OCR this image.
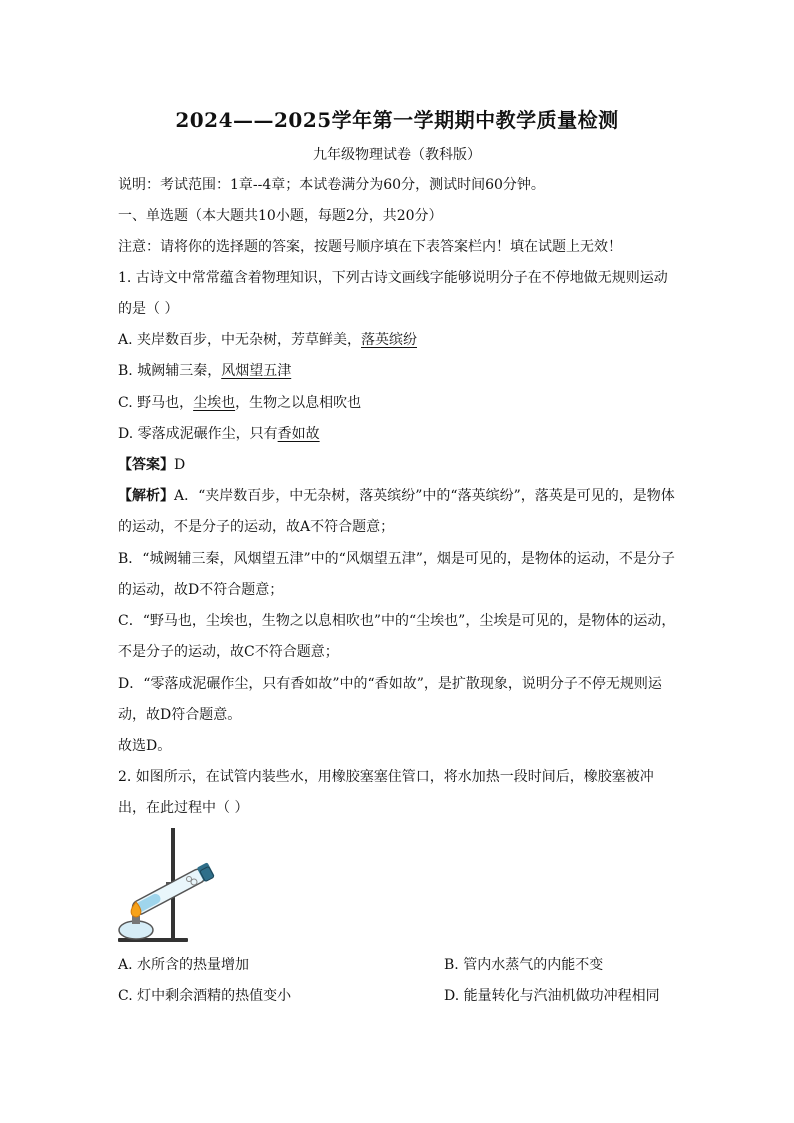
2024——2025学年第一学期期中教学质量检测
九年级物理试卷（教科版）
说明：考试范围：1章--4章；本试卷满分为60分，测试时间60分钟。
一、单选题（本大题共10小题，每题2分，共20分）
注意：请将你的选择题的答案，按题号顺序填在下表答案栏内！填在试题上无效！
1. 古诗文中常常蕴含着物理知识，下列古诗文画线字能够说明分子在不停地做无规则运动
的是（ ）
A. 夹岸数百步，中无杂树，芳草鲜美，落英缤纷
B. 城阙辅三秦，风烟望五津
C. 野马也，尘埃也，生物之以息相吹也
D. 零落成泥碾作尘，只有香如故
【答案】D
【解析】A．“夹岸数百步，中无杂树，落英缤纷”中的“落英缤纷”，落英是可见的，是物体
的运动，不是分子的运动，故A不符合题意；
B．“城阙辅三秦，风烟望五津”中的“风烟望五津”，烟是可见的，是物体的运动，不是分子
的运动，故D不符合题意；
C．“野马也，尘埃也，生物之以息相吹也”中的“尘埃也”，尘埃是可见的，是物体的运动，
不是分子的运动，故C不符合题意；
D．“零落成泥碾作尘，只有香如故”中的“香如故”，是扩散现象，说明分子不停无规则运
动，故D符合题意。
故选D。
2. 如图所示，在试管内装些水，用橡胶塞塞住管口，将水加热一段时间后，橡胶塞被冲
出，在此过程中（ ）
A. 水所含的热量增加	B. 管内水蒸气的内能不变
C. 灯中剩余酒精的热值变小	D. 能量转化与汽油机做功冲程相同
